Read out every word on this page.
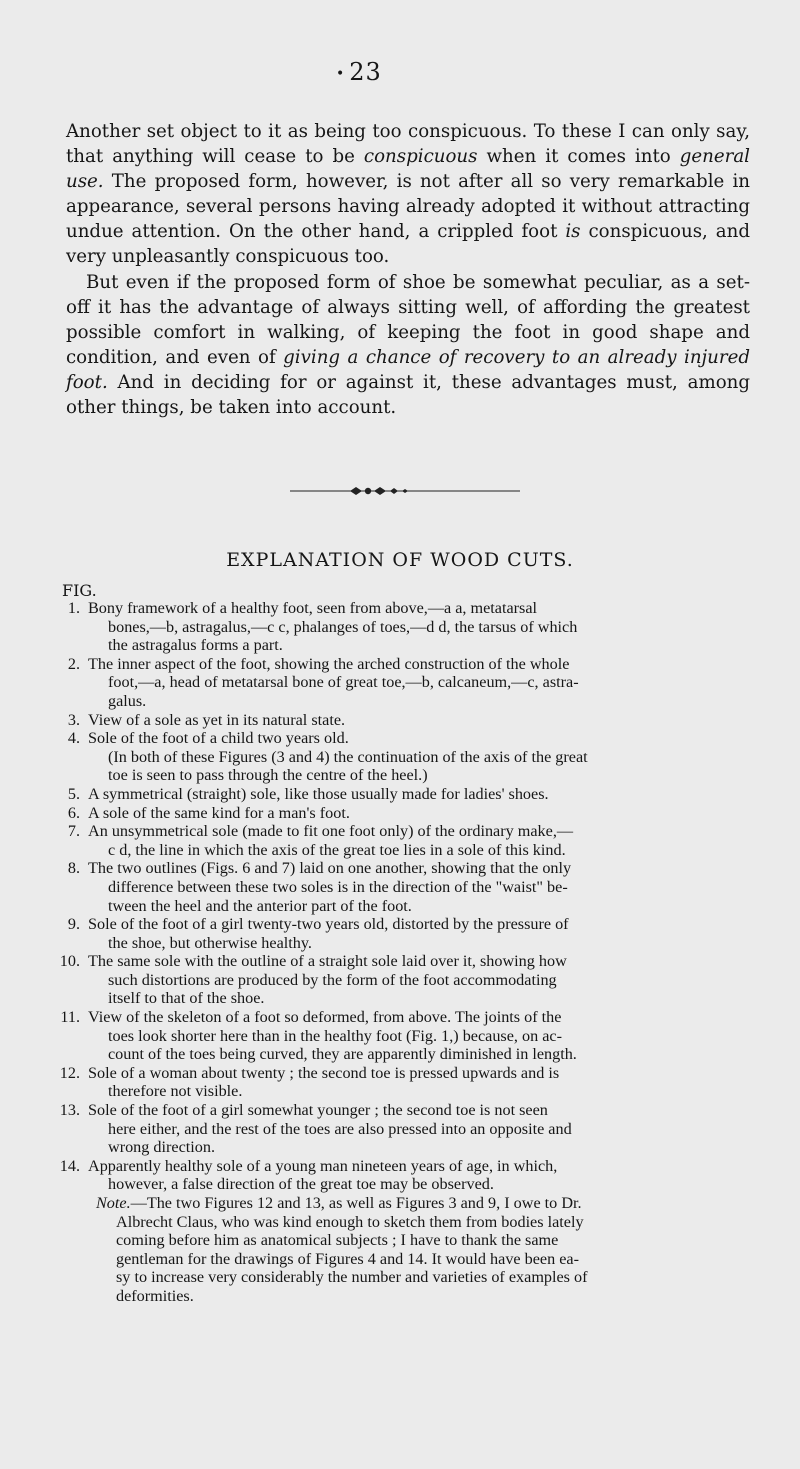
• 23

Another set object to it as being too conspicuous. To these I can only say, that anything will cease to be conspicuous when it comes into general use. The proposed form, however, is not after all so very remarkable in appearance, several persons having already adopted it without attracting undue attention. On the other hand, a crippled foot is conspicuous, and very unpleasantly conspicuous too.

But even if the proposed form of shoe be somewhat peculiar, as a set-off it has the advantage of always sitting well, of affording the greatest possible comfort in walking, of keeping the foot in good shape and condition, and even of giving a chance of recovery to an already injured foot. And in deciding for or against it, these advantages must, among other things, be taken into account.

EXPLANATION OF WOOD CUTS.
FIG.
1. Bony framework of a healthy foot, seen from above,—a a, metatarsal
bones,—b, astragalus,—c c, phalanges of toes,—d d, the tarsus of which
the astragalus forms a part.
2. The inner aspect of the foot, showing the arched construction of the whole
foot,—a, head of metatarsal bone of great toe,—b, calcaneum,—c, astra-
galus.
3. View of a sole as yet in its natural state.
4. Sole of the foot of a child two years old.
(In both of these Figures (3 and 4) the continuation of the axis of the great
toe is seen to pass through the centre of the heel.)
5. A symmetrical (straight) sole, like those usually made for ladies' shoes.
6. A sole of the same kind for a man's foot.
7. An unsymmetrical sole (made to fit one foot only) of the ordinary make,—
c d, the line in which the axis of the great toe lies in a sole of this kind.
8. The two outlines (Figs. 6 and 7) laid on one another, showing that the only
difference between these two soles is in the direction of the "waist" be-
tween the heel and the anterior part of the foot.
9. Sole of the foot of a girl twenty-two years old, distorted by the pressure of
the shoe, but otherwise healthy.
10. The same sole with the outline of a straight sole laid over it, showing how
such distortions are produced by the form of the foot accommodating
itself to that of the shoe.
11. View of the skeleton of a foot so deformed, from above. The joints of the
toes look shorter here than in the healthy foot (Fig. 1,) because, on ac-
count of the toes being curved, they are apparently diminished in length.
12. Sole of a woman about twenty ; the second toe is pressed upwards and is
therefore not visible.
13. Sole of the foot of a girl somewhat younger ; the second toe is not seen
here either, and the rest of the toes are also pressed into an opposite and
wrong direction.
14. Apparently healthy sole of a young man nineteen years of age, in which,
however, a false direction of the great toe may be observed.
Note.—The two Figures 12 and 13, as well as Figures 3 and 9, I owe to Dr.
Albrecht Claus, who was kind enough to sketch them from bodies lately
coming before him as anatomical subjects ; I have to thank the same
gentleman for the drawings of Figures 4 and 14. It would have been ea-
sy to increase very considerably the number and varieties of examples of
deformities.
